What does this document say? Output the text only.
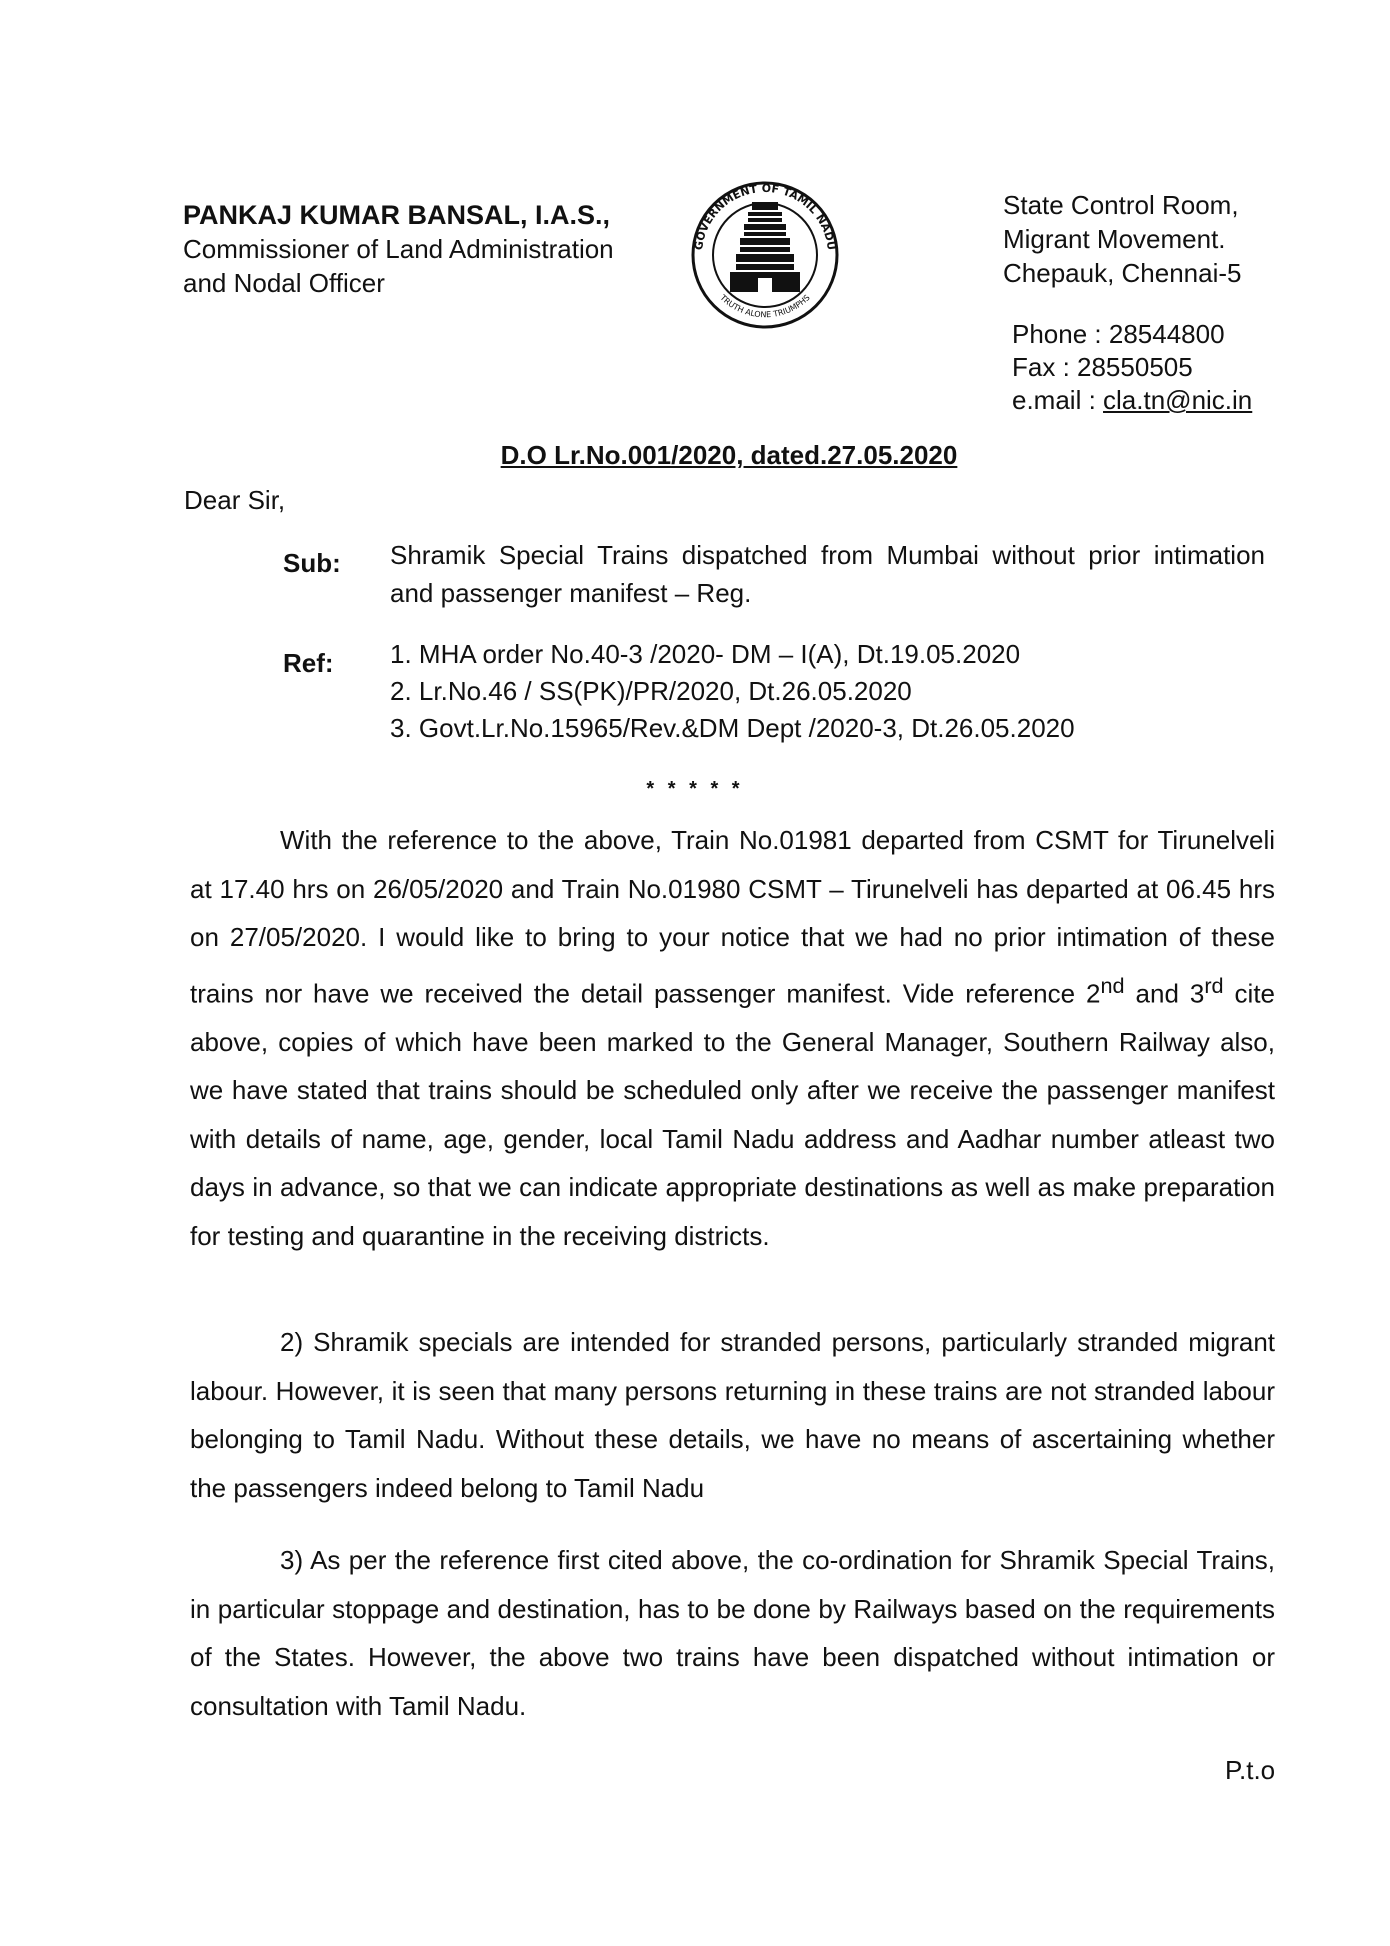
PANKAJ KUMAR BANSAL, I.A.S.,
Commissioner of Land Administration
and Nodal Officer
GOVERNMENT OF TAMIL NADU
TRUTH ALONE TRIUMPHS
State Control Room,
Migrant Movement.
Chepauk, Chennai-5
Phone : 28544800
Fax : 28550505
e.mail : cla.tn@nic.in
D.O Lr.No.001/2020, dated.27.05.2020
Dear Sir,
Sub: Shramik Special Trains dispatched from Mumbai without prior intimation and passenger manifest – Reg.
Ref: 1. MHA order No.40-3 /2020- DM – I(A), Dt.19.05.2020
2. Lr.No.46 / SS(PK)/PR/2020, Dt.26.05.2020
3. Govt.Lr.No.15965/Rev.&DM Dept /2020-3, Dt.26.05.2020
* * * * *
With the reference to the above, Train No.01981 departed from CSMT for Tirunelveli at 17.40 hrs on 26/05/2020 and Train No.01980 CSMT – Tirunelveli has departed at 06.45 hrs on 27/05/2020. I would like to bring to your notice that we had no prior intimation of these trains nor have we received the detail passenger manifest. Vide reference 2nd and 3rd cite above, copies of which have been marked to the General Manager, Southern Railway also, we have stated that trains should be scheduled only after we receive the passenger manifest with details of name, age, gender, local Tamil Nadu address and Aadhar number atleast two days in advance, so that we can indicate appropriate destinations as well as make preparation for testing and quarantine in the receiving districts.
2) Shramik specials are intended for stranded persons, particularly stranded migrant labour. However, it is seen that many persons returning in these trains are not stranded labour belonging to Tamil Nadu. Without these details, we have no means of ascertaining whether the passengers indeed belong to Tamil Nadu
3) As per the reference first cited above, the co-ordination for Shramik Special Trains, in particular stoppage and destination, has to be done by Railways based on the requirements of the States. However, the above two trains have been dispatched without intimation or consultation with Tamil Nadu.
P.t.o
